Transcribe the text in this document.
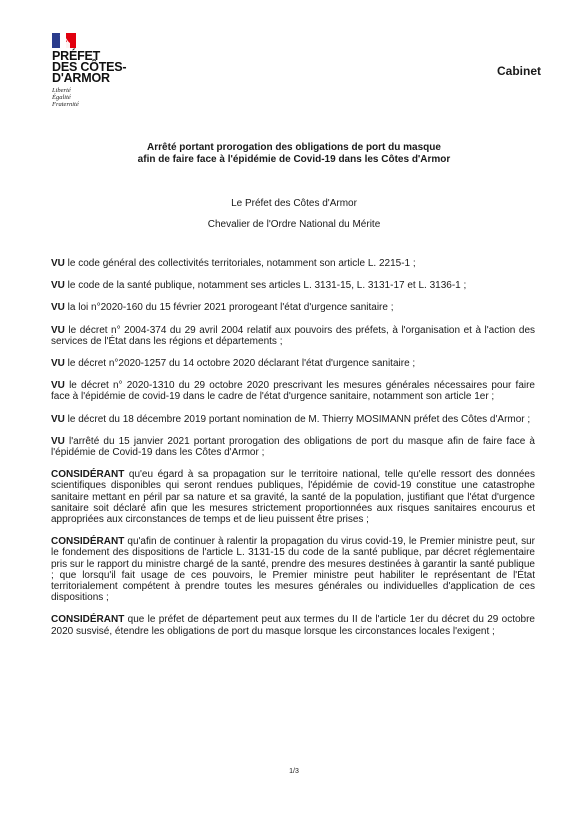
PRÉFET
DES CÔTES-
D'ARMOR
Liberté
Égalité
Fraternité
Cabinet
Arrêté portant prorogation des obligations de port du masque
afin de faire face à l'épidémie de Covid-19 dans les Côtes d'Armor
Le Préfet des Côtes d'Armor
Chevalier de l'Ordre National du Mérite

VU le code général des collectivités territoriales, notamment son article L. 2215-1 ;

VU le code de la santé publique, notamment ses articles L. 3131-15, L. 3131-17 et L. 3136-1 ;

VU la loi n°2020-160 du 15 février 2021 prorogeant l'état d'urgence sanitaire ;

VU le décret n° 2004-374 du 29 avril 2004 relatif aux pouvoirs des préfets, à l'organisation et à l'action des services de l'État dans les régions et départements ;

VU le décret n°2020-1257 du 14 octobre 2020 déclarant l'état d'urgence sanitaire ;

VU le décret n° 2020-1310 du 29 octobre 2020 prescrivant les mesures générales nécessaires pour faire face à l'épidémie de covid-19 dans le cadre de l'état d'urgence sanitaire, notamment son article 1er ;

VU le décret du 18 décembre 2019 portant nomination de M. Thierry MOSIMANN préfet des Côtes d'Armor ;

VU l'arrêté du 15 janvier 2021 portant prorogation des obligations de port du masque afin de faire face à l'épidémie de Covid-19 dans les Côtes d'Armor ;

CONSIDÉRANT qu'eu égard à sa propagation sur le territoire national, telle qu'elle ressort des données scientifiques disponibles qui seront rendues publiques, l'épidémie de covid-19 constitue une catastrophe sanitaire mettant en péril par sa nature et sa gravité, la santé de la population, justifiant que l'état d'urgence sanitaire soit déclaré afin que les mesures strictement proportionnées aux risques sanitaires encourus et appropriées aux circonstances de temps et de lieu puissent être prises ;

CONSIDÉRANT qu'afin de continuer à ralentir la propagation du virus covid-19, le Premier ministre peut, sur le fondement des dispositions de l'article L. 3131-15 du code de la santé publique, par décret réglementaire pris sur le rapport du ministre chargé de la santé, prendre des mesures destinées à garantir la santé publique ; que lorsqu'il fait usage de ces pouvoirs, le Premier ministre peut habiliter le représentant de l'État territorialement compétent à prendre toutes les mesures générales ou individuelles d'application de ces dispositions ;

CONSIDÉRANT que le préfet de département peut aux termes du II de l'article 1er du décret du 29 octobre 2020 susvisé, étendre les obligations de port du masque lorsque les circonstances locales l'exigent ;

1/3
